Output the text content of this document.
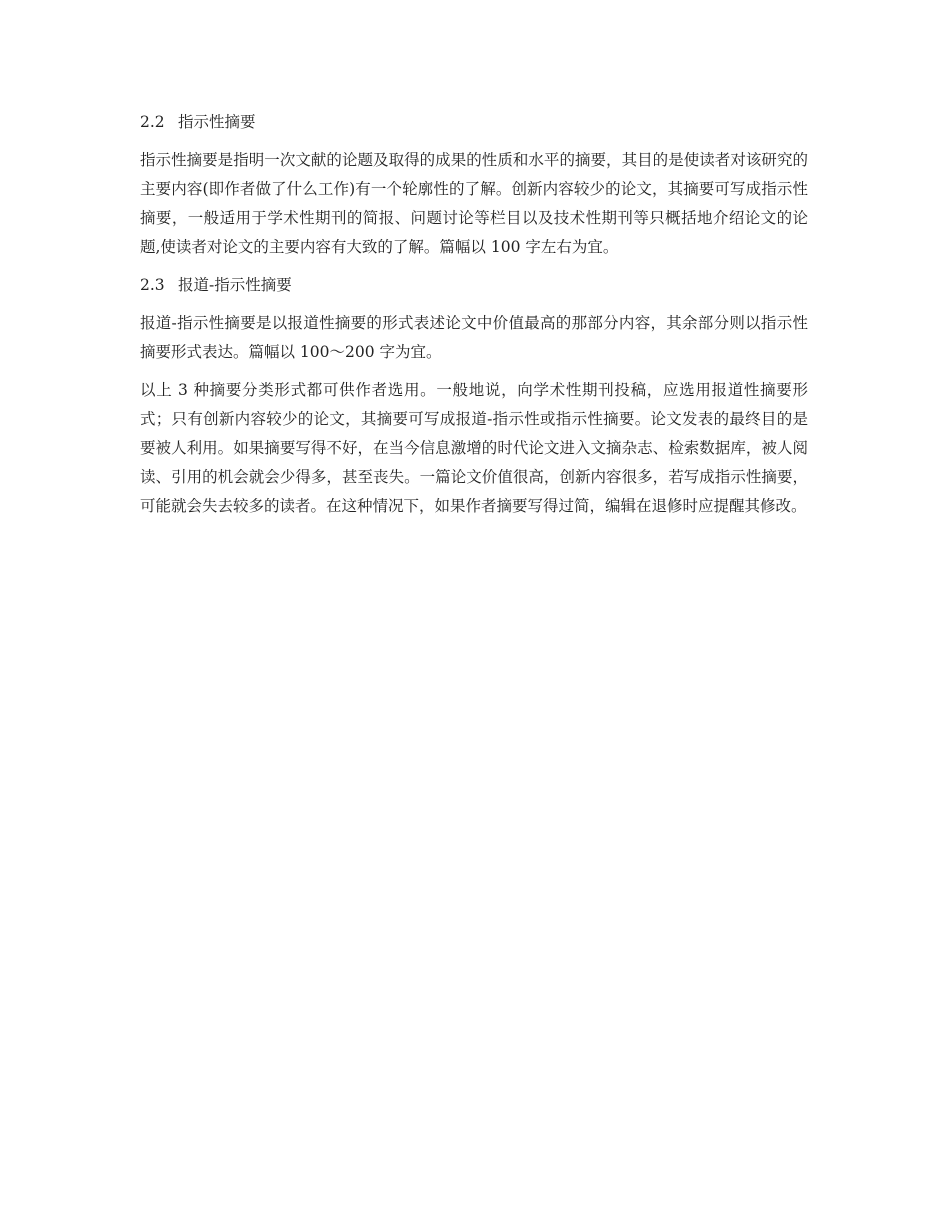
2.2 指示性摘要

指示性摘要是指明一次文献的论题及取得的成果的性质和水平的摘要，其目的是使读者对该研究的主要内容(即作者做了什么工作)有一个轮廓性的了解。创新内容较少的论文，其摘要可写成指示性摘要，一般适用于学术性期刊的简报、问题讨论等栏目以及技术性期刊等只概括地介绍论文的论题,使读者对论文的主要内容有大致的了解。篇幅以 100 字左右为宜。

2.3 报道-指示性摘要

报道-指示性摘要是以报道性摘要的形式表述论文中价值最高的那部分内容，其余部分则以指示性摘要形式表达。篇幅以 100～200 字为宜。

以上 3 种摘要分类形式都可供作者选用。一般地说，向学术性期刊投稿，应选用报道性摘要形式；只有创新内容较少的论文，其摘要可写成报道-指示性或指示性摘要。论文发表的最终目的是要被人利用。如果摘要写得不好，在当今信息激增的时代论文进入文摘杂志、检索数据库，被人阅读、引用的机会就会少得多，甚至丧失。一篇论文价值很高，创新内容很多，若写成指示性摘要，可能就会失去较多的读者。在这种情况下，如果作者摘要写得过简，编辑在退修时应提醒其修改。
